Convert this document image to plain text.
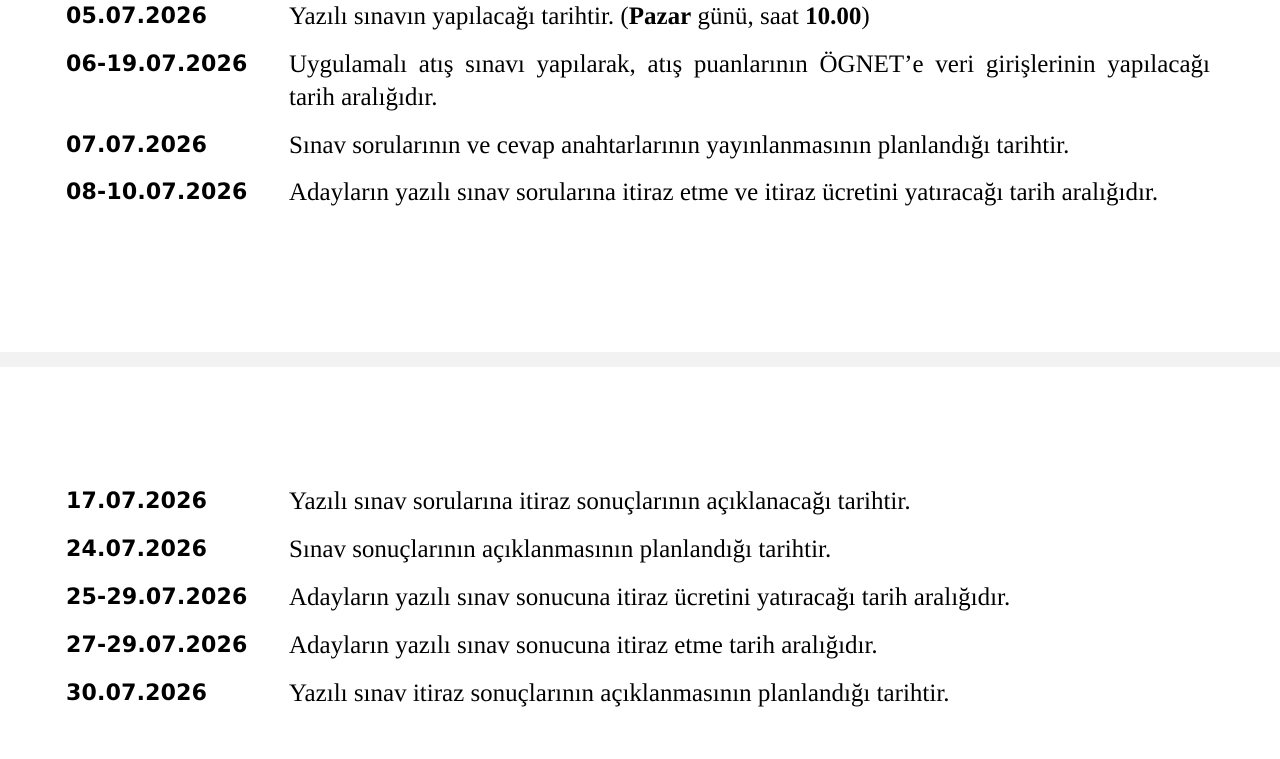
05.07.2026	Yazılı sınavın yapılacağı tarihtir. (Pazar günü, saat 10.00)
06-19.07.2026 Uygulamalı atış sınavı yapılarak, atış puanlarının ÖGNET’e veri girişlerinin yapılacağı tarih aralığıdır.
07.07.2026	Sınav sorularının ve cevap anahtarlarının yayınlanmasının planlandığı tarihtir.
08-10.07.2026 Adayların yazılı sınav sorularına itiraz etme ve itiraz ücretini yatıracağı tarih aralığıdır.
17.07.2026	Yazılı sınav sorularına itiraz sonuçlarının açıklanacağı tarihtir.
24.07.2026	Sınav sonuçlarının açıklanmasının planlandığı tarihtir.
25-29.07.2026 Adayların yazılı sınav sonucuna itiraz ücretini yatıracağı tarih aralığıdır.
27-29.07.2026 Adayların yazılı sınav sonucuna itiraz etme tarih aralığıdır.
30.07.2026	Yazılı sınav itiraz sonuçlarının açıklanmasının planlandığı tarihtir.
